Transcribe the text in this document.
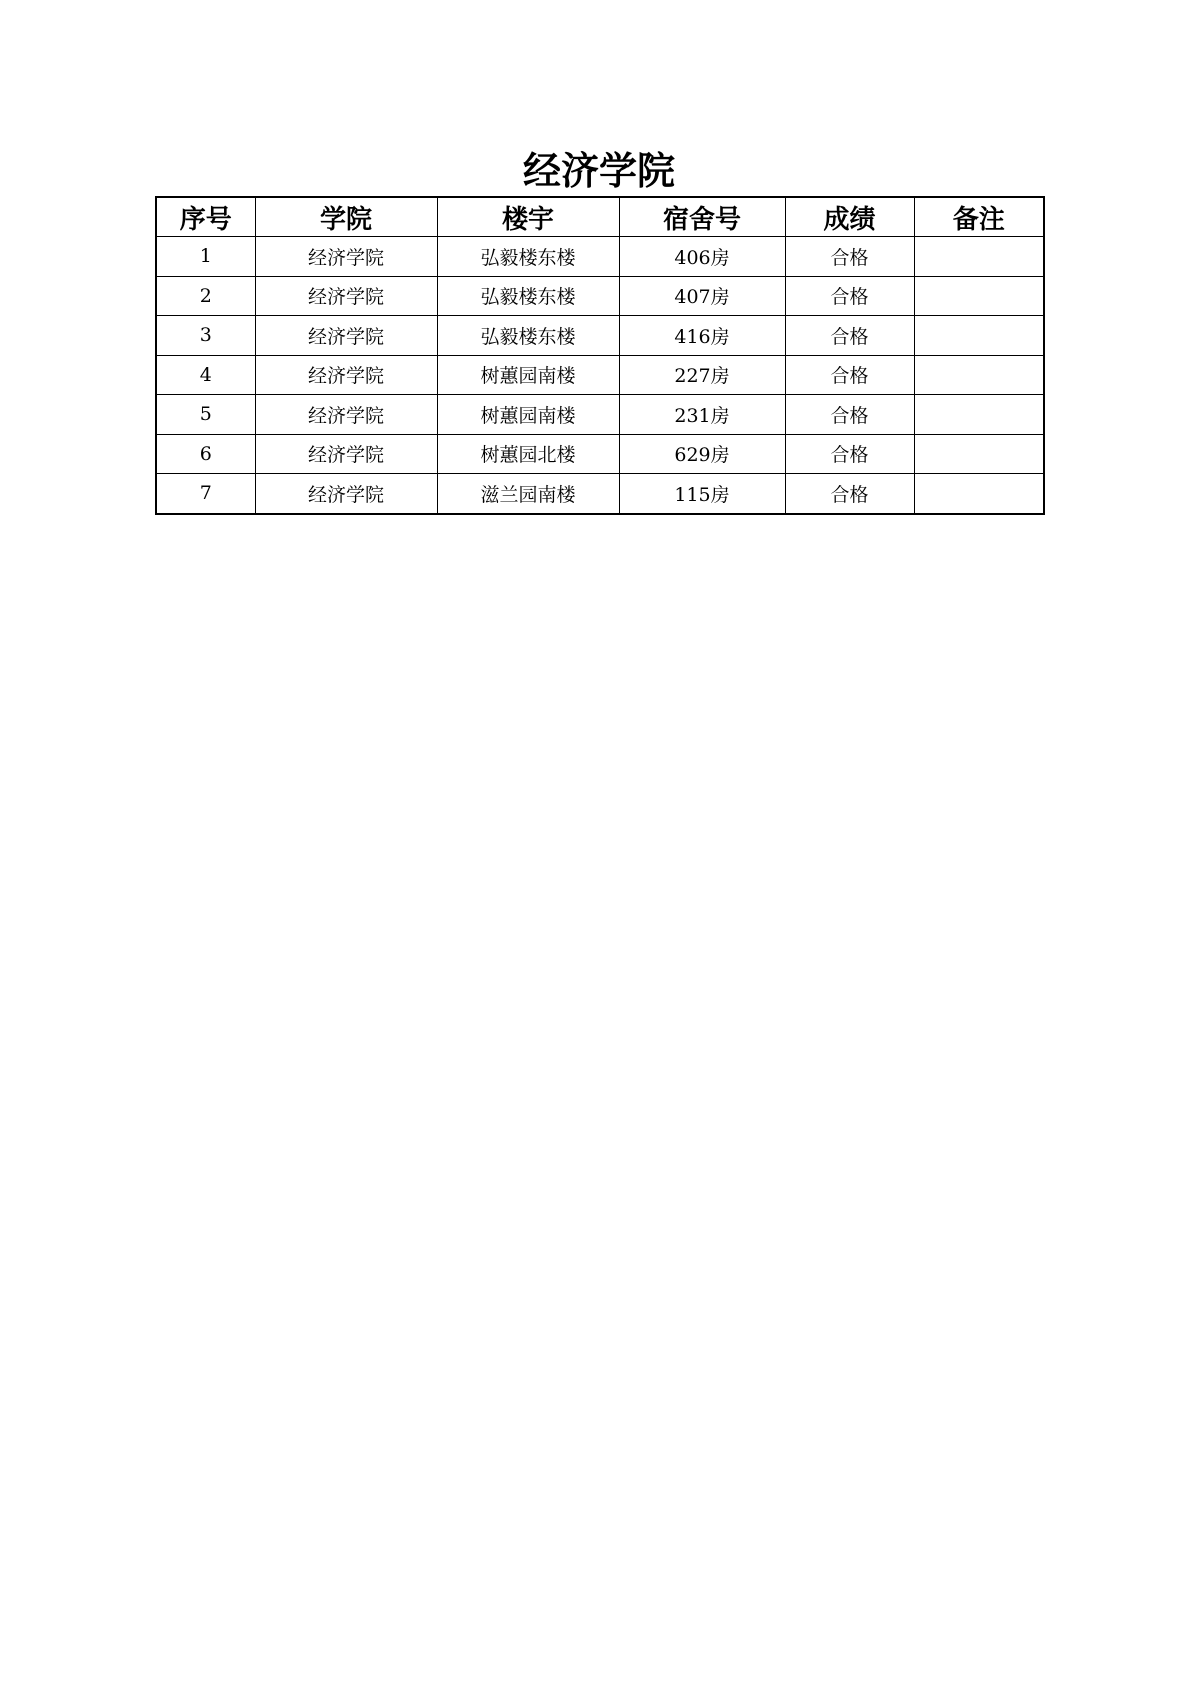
经济学院
序号	学院	楼宇	宿舍号	成绩	备注
1	经济学院	弘毅楼东楼	406房	合格	
2	经济学院	弘毅楼东楼	407房	合格	
3	经济学院	弘毅楼东楼	416房	合格	
4	经济学院	树蕙园南楼	227房	合格	
5	经济学院	树蕙园南楼	231房	合格	
6	经济学院	树蕙园北楼	629房	合格	
7	经济学院	滋兰园南楼	115房	合格	
